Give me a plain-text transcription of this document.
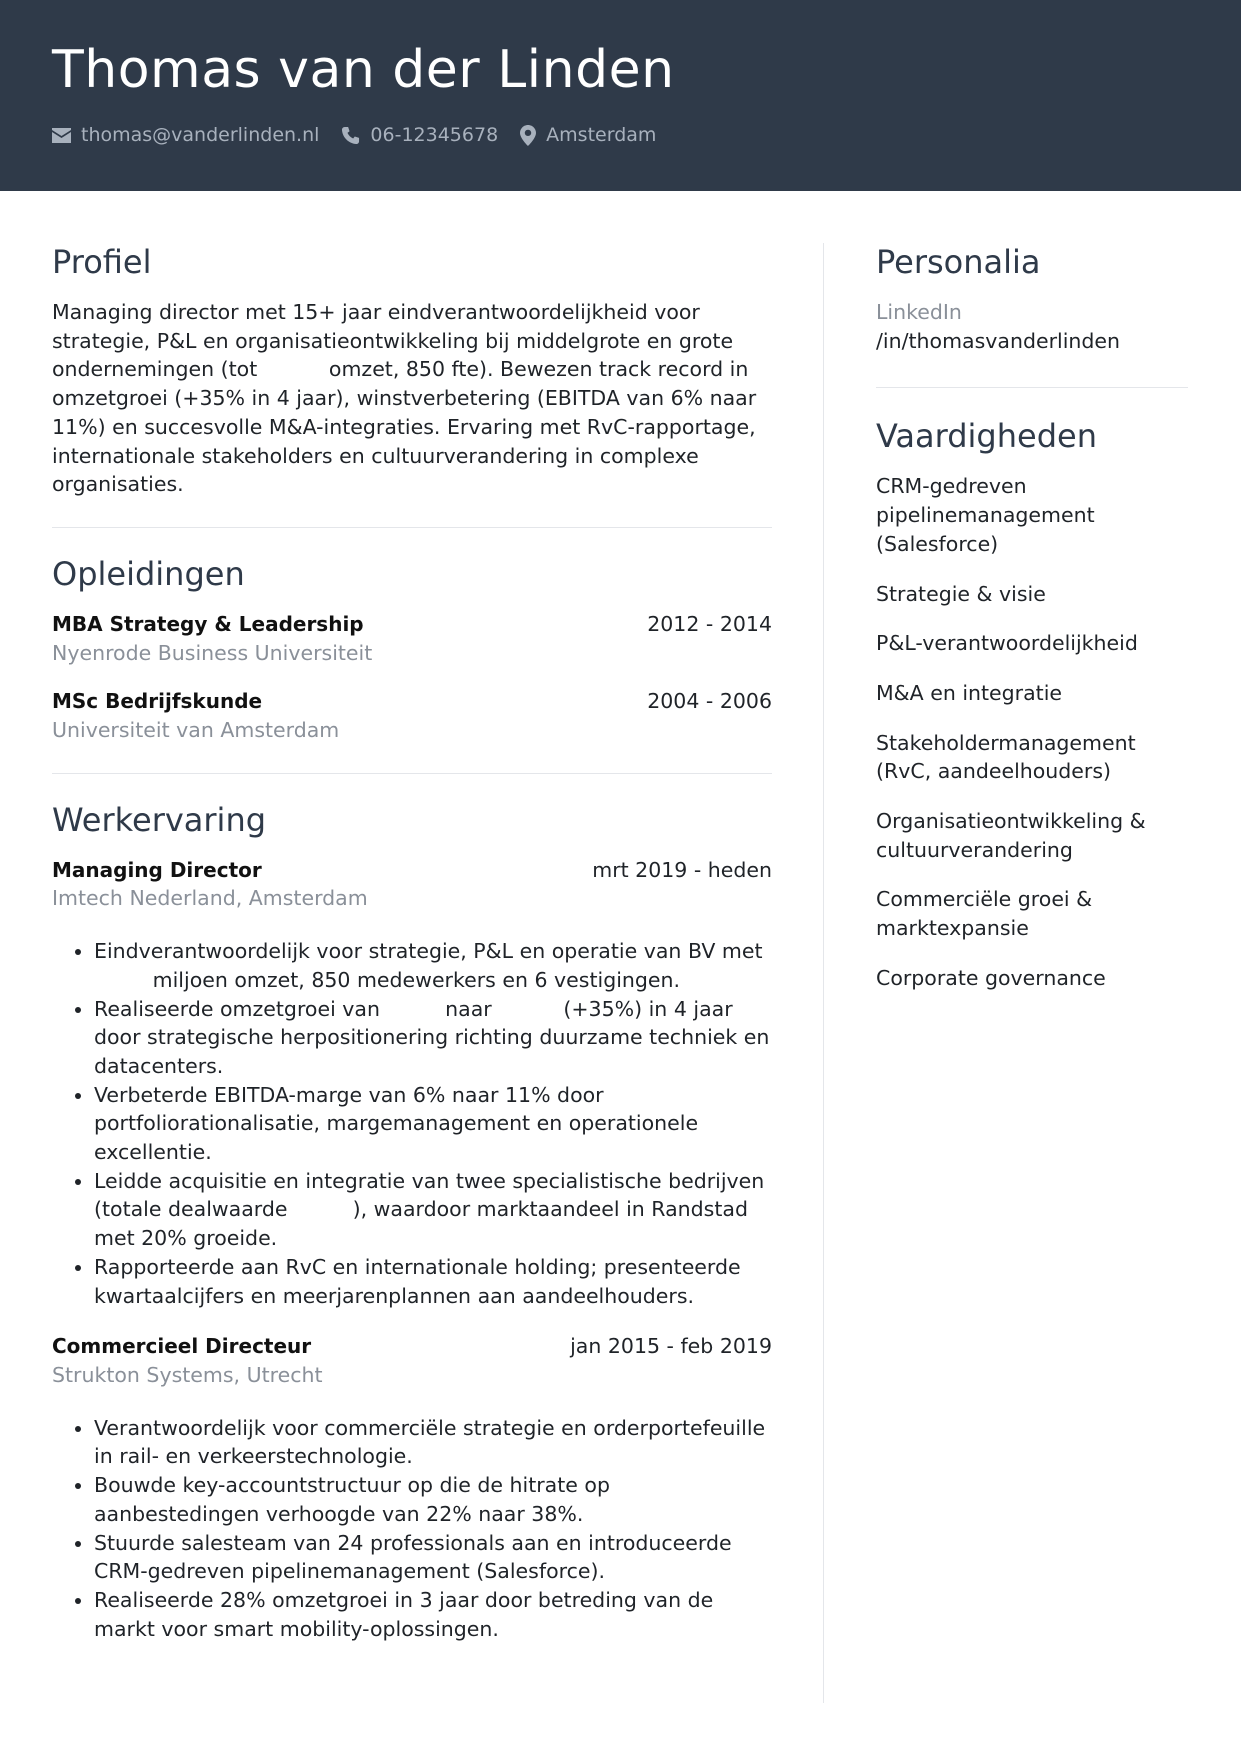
Thomas van der Linden
thomas@vanderlinden.nl	06-12345678	Amsterdam
Profiel
Managing director met 15+ jaar eindverantwoordelijkheid voor strategie, P&L en organisatieontwikkeling bij middelgrote en grote ondernemingen (tot           omzet, 850 fte). Bewezen track record in omzetgroei (+35% in 4 jaar), winstverbetering (EBITDA van 6% naar 11%) en succesvolle M&A-integraties. Ervaring met RvC-rapportage, internationale stakeholders en cultuurverandering in complexe organisaties.
Opleidingen
MBA Strategy & Leadership	2012 - 2014
Nyenrode Business Universiteit
MSc Bedrijfskunde	2004 - 2006
Universiteit van Amsterdam
Werkervaring
Managing Director	mrt 2019 - heden
Imtech Nederland, Amsterdam
• Eindverantwoordelijk voor strategie, P&L en operatie van BV met          miljoen omzet, 850 medewerkers en 6 vestigingen.
• Realiseerde omzetgroei van          naar           (+35%) in 4 jaar door strategische herpositionering richting duurzame techniek en datacenters.
• Verbeterde EBITDA-marge van 6% naar 11% door portfoliorationalisatie, margemanagement en operationele excellentie.
• Leidde acquisitie en integratie van twee specialistische bedrijven (totale dealwaarde          ), waardoor marktaandeel in Randstad met 20% groeide.
• Rapporteerde aan RvC en internationale holding; presenteerde kwartaalcijfers en meerjarenplannen aan aandeelhouders.
Commercieel Directeur	jan 2015 - feb 2019
Strukton Systems, Utrecht
• Verantwoordelijk voor commerciële strategie en orderportefeuille in rail- en verkeerstechnologie.
• Bouwde key-accountstructuur op die de hitrate op aanbestedingen verhoogde van 22% naar 38%.
• Stuurde salesteam van 24 professionals aan en introduceerde CRM-gedreven pipelinemanagement (Salesforce).
• Realiseerde 28% omzetgroei in 3 jaar door betreding van de markt voor smart mobility-oplossingen.
Personalia
LinkedIn
/in/thomasvanderlinden
Vaardigheden
CRM-gedreven pipelinemanagement (Salesforce)
Strategie & visie
P&L-verantwoordelijkheid
M&A en integratie
Stakeholdermanagement (RvC, aandeelhouders)
Organisatieontwikkeling & cultuurverandering
Commerciële groei & marktexpansie
Corporate governance
